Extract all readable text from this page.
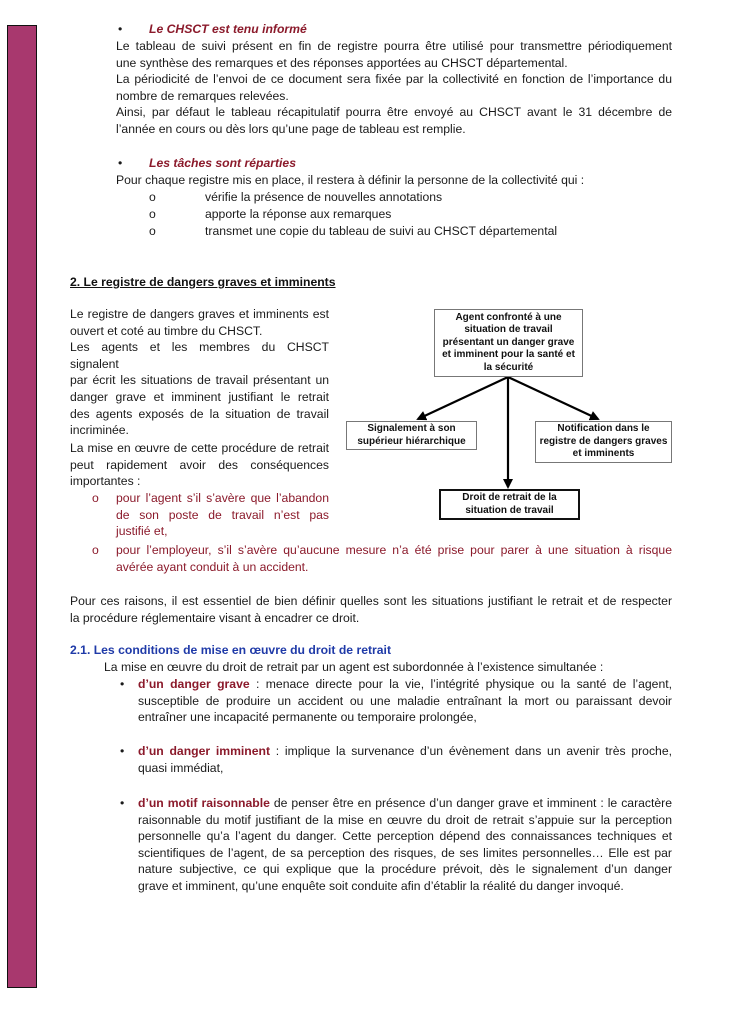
• Le CHSCT est tenu informé

Le tableau de suivi présent en fin de registre pourra être utilisé pour transmettre périodiquement

une synthèse des remarques et des réponses apportées au CHSCT départemental.

La périodicité de l’envoi de ce document sera fixée par la collectivité en fonction de l’importance du

nombre de remarques relevées.

Ainsi, par défaut le tableau récapitulatif pourra être envoyé au CHSCT avant le 31 décembre de

l’année en cours ou dès lors qu’une page de tableau est remplie.

• Les tâches sont réparties

Pour chaque registre mis en place, il restera à définir la personne de la collectivité qui :

o	vérifie la présence de nouvelles annotations
o	apporte la réponse aux remarques
o	transmet une copie du tableau de suivi au CHSCT départemental

2. Le registre de dangers graves et imminents

Le registre de dangers graves et imminents est

ouvert et coté au timbre du CHSCT.

Les agents et les membres du CHSCT signalent

par écrit les situations de travail présentant un

danger grave et imminent justifiant le retrait

des agents exposés de la situation de travail

incriminée.

La mise en œuvre de cette procédure de retrait

peut rapidement avoir des conséquences

importantes :

o pour l’agent s’il s’avère que l’abandon

de son poste de travail n’est pas

justifié et,

o pour l’employeur, s’il s’avère qu’aucune mesure n’a été prise pour parer à une situation à risque

avérée ayant conduit à un accident.

Pour ces raisons, il est essentiel de bien définir quelles sont les situations justifiant le retrait et de respecter

la procédure réglementaire visant à encadrer ce droit.

2.1. Les conditions de mise en œuvre du droit de retrait

La mise en œuvre du droit de retrait par un agent est subordonnée à l’existence simultanée :

• d’un danger grave : menace directe pour la vie, l’intégrité physique ou la santé de l’agent,

susceptible de produire un accident ou une maladie entraînant la mort ou paraissant devoir

entraîner une incapacité permanente ou temporaire prolongée,

• d’un danger imminent : implique la survenance d’un évènement dans un avenir très proche,

quasi immédiat,

• d’un motif raisonnable de penser être en présence d’un danger grave et imminent : le caractère

raisonnable du motif justifiant de la mise en œuvre du droit de retrait s’appuie sur la perception

personnelle qu’a l’agent du danger. Cette perception dépend des connaissances techniques et

scientifiques de l’agent, de sa perception des risques, de ses limites personnelles… Elle est par

nature subjective, ce qui explique que la procédure prévoit, dès le signalement d’un danger

grave et imminent, qu’une enquête soit conduite afin d’établir la réalité du danger invoqué.

Agent confronté à une situation de travail présentant un danger grave et imminent pour la santé et la sécurité
Signalement à son supérieur hiérarchique
Notification dans le registre de dangers graves et imminents
Droit de retrait de la situation de travail
